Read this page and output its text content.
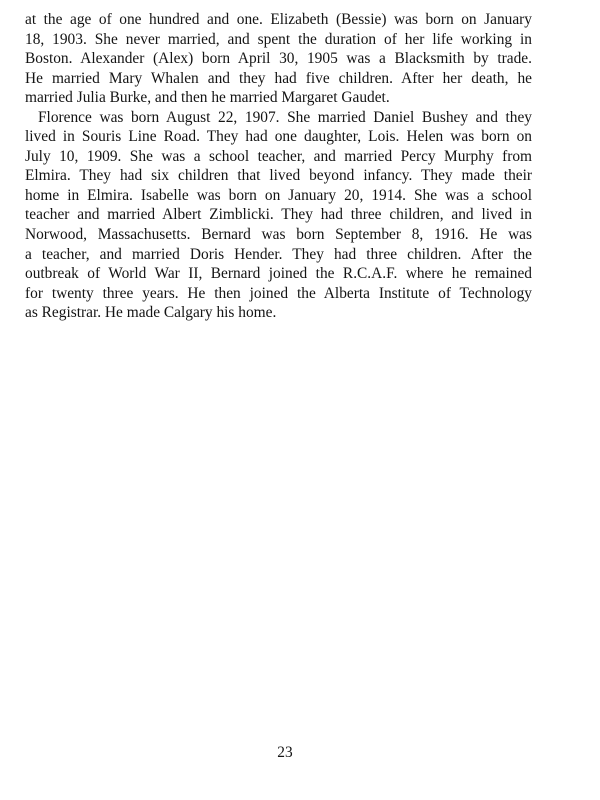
at the age of one hundred and one. Elizabeth (Bessie) was born on January
18, 1903. She never married, and spent the duration of her life working in
Boston. Alexander (Alex) born April 30, 1905 was a Blacksmith by trade.
He married Mary Whalen and they had five children. After her death, he
married Julia Burke, and then he married Margaret Gaudet.
Florence was born August 22, 1907. She married Daniel Bushey and they
lived in Souris Line Road. They had one daughter, Lois. Helen was born on
July 10, 1909. She was a school teacher, and married Percy Murphy from
Elmira. They had six children that lived beyond infancy. They made their
home in Elmira. Isabelle was born on January 20, 1914. She was a school
teacher and married Albert Zimblicki. They had three children, and lived in
Norwood, Massachusetts. Bernard was born September 8, 1916. He was
a teacher, and married Doris Hender. They had three children. After the
outbreak of World War II, Bernard joined the R.C.A.F. where he remained
for twenty three years. He then joined the Alberta Institute of Technology
as Registrar. He made Calgary his home.
23
